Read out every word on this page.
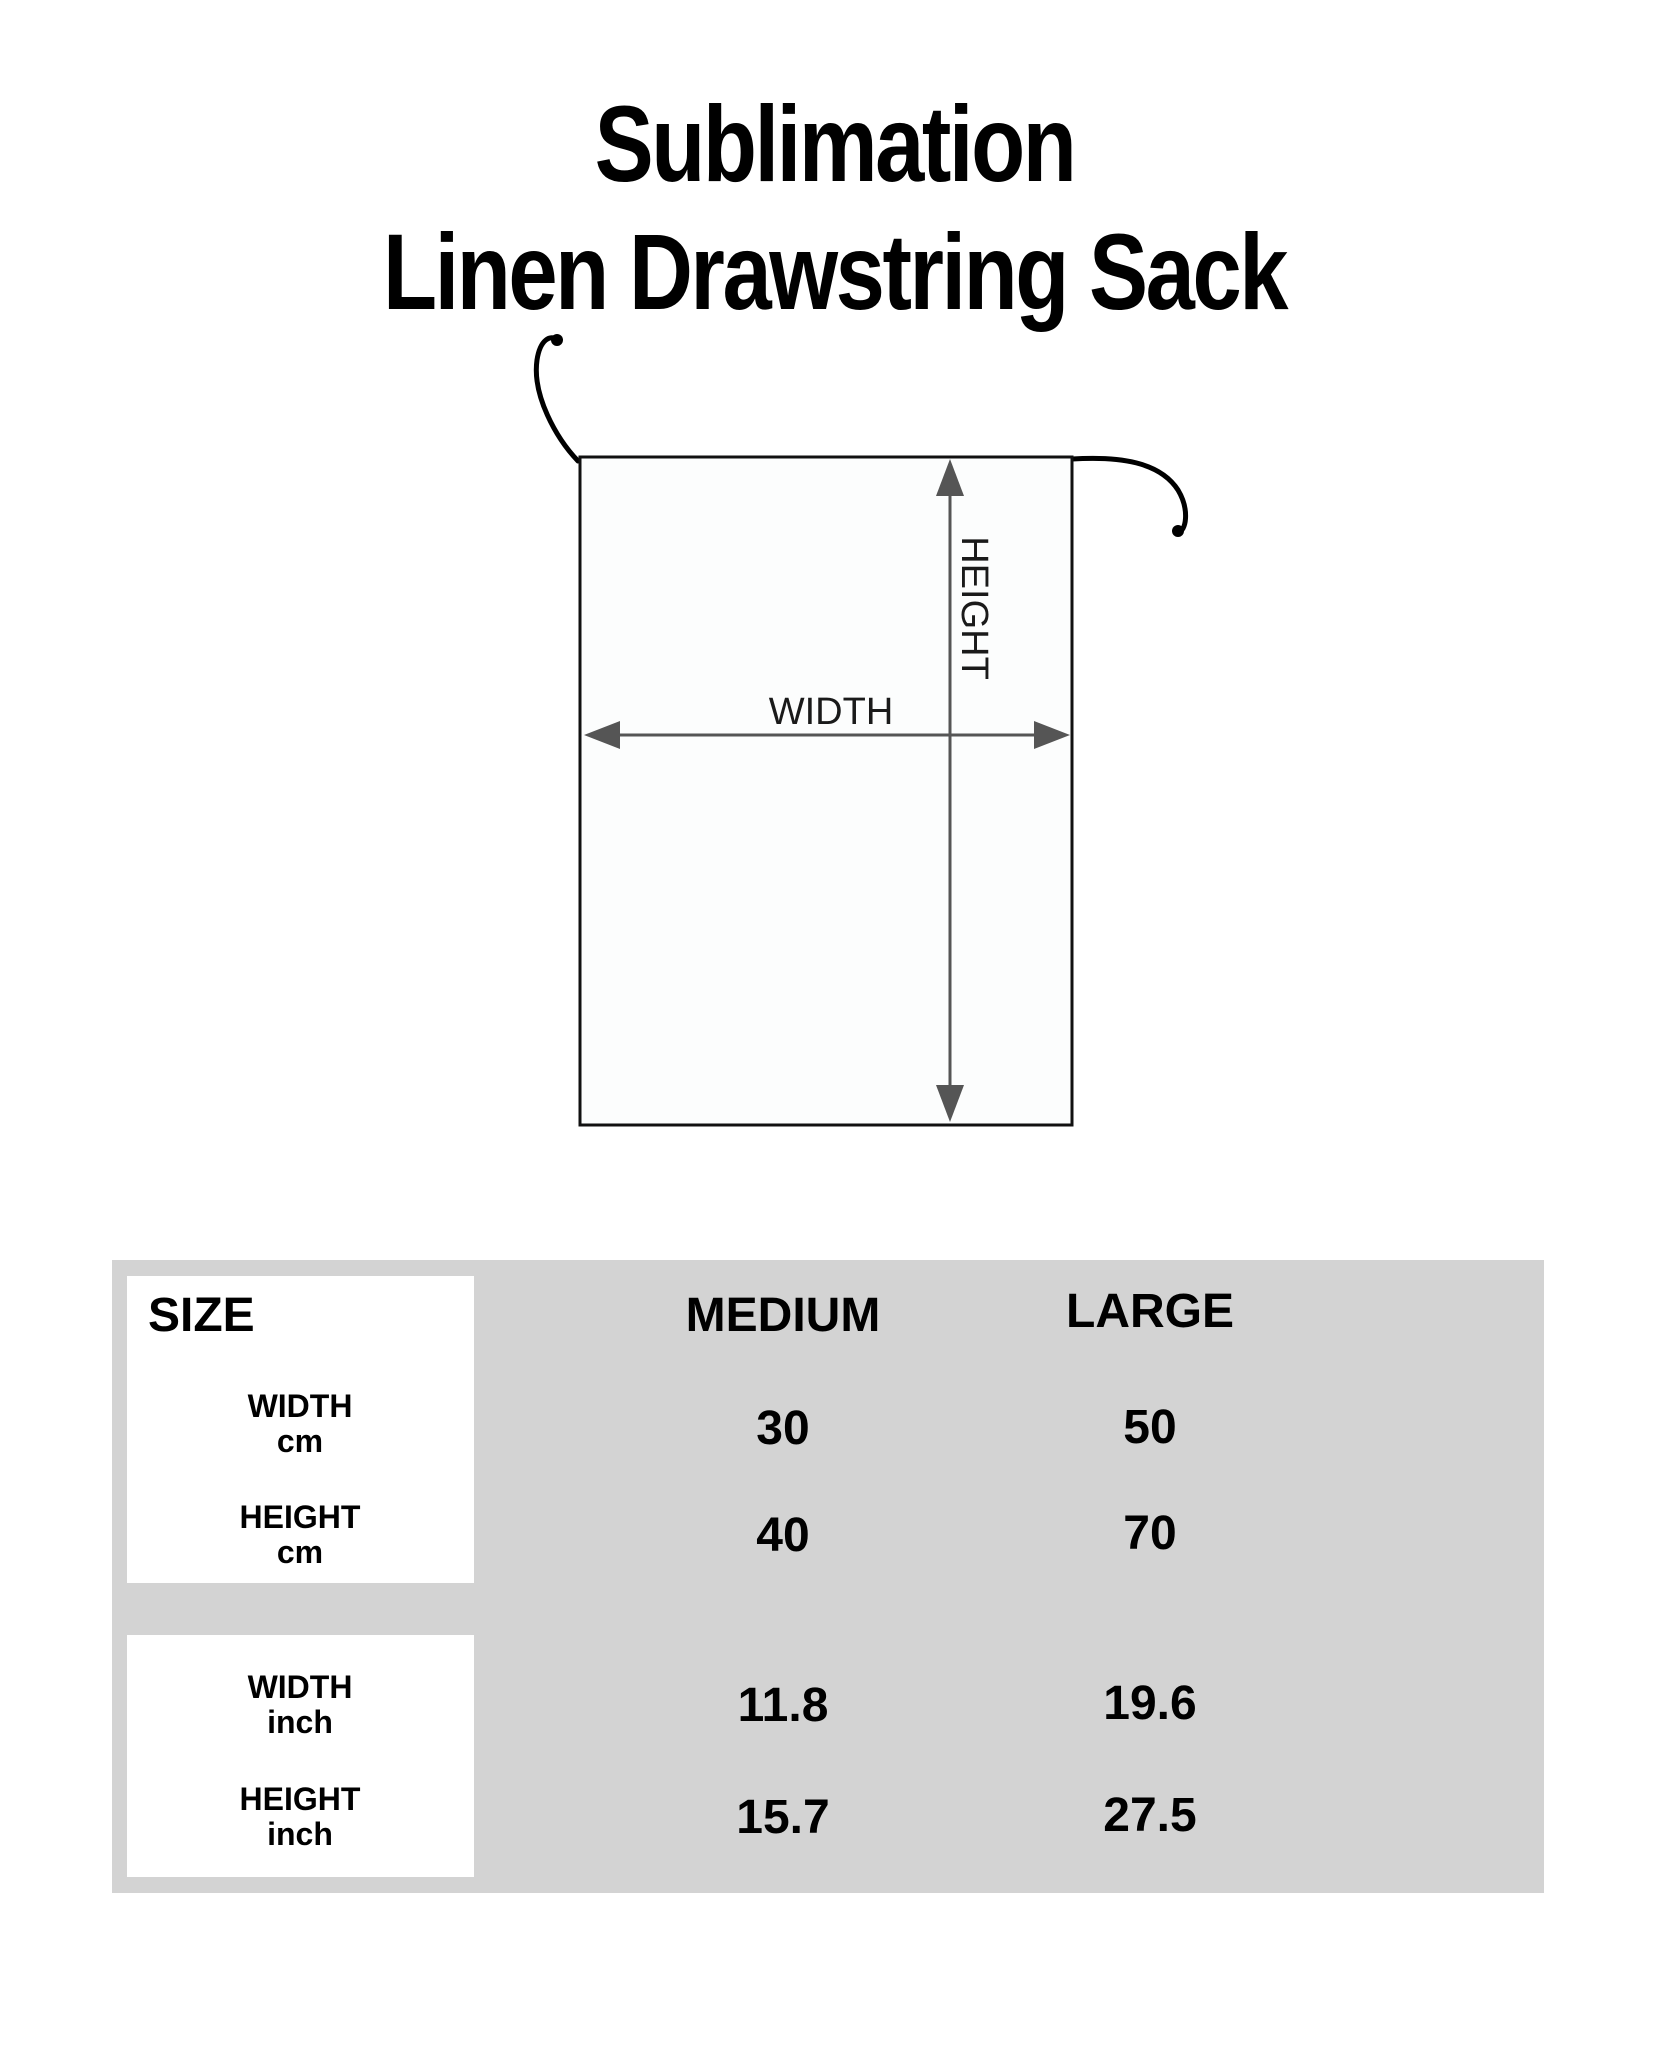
Sublimation
Linen Drawstring Sack
WIDTH
HEIGHT
SIZE	MEDIUM	LARGE
WIDTH
cm	30	50
HEIGHT
cm	40	70
WIDTH
inch	11.8	19.6
HEIGHT
inch	15.7	27.5
